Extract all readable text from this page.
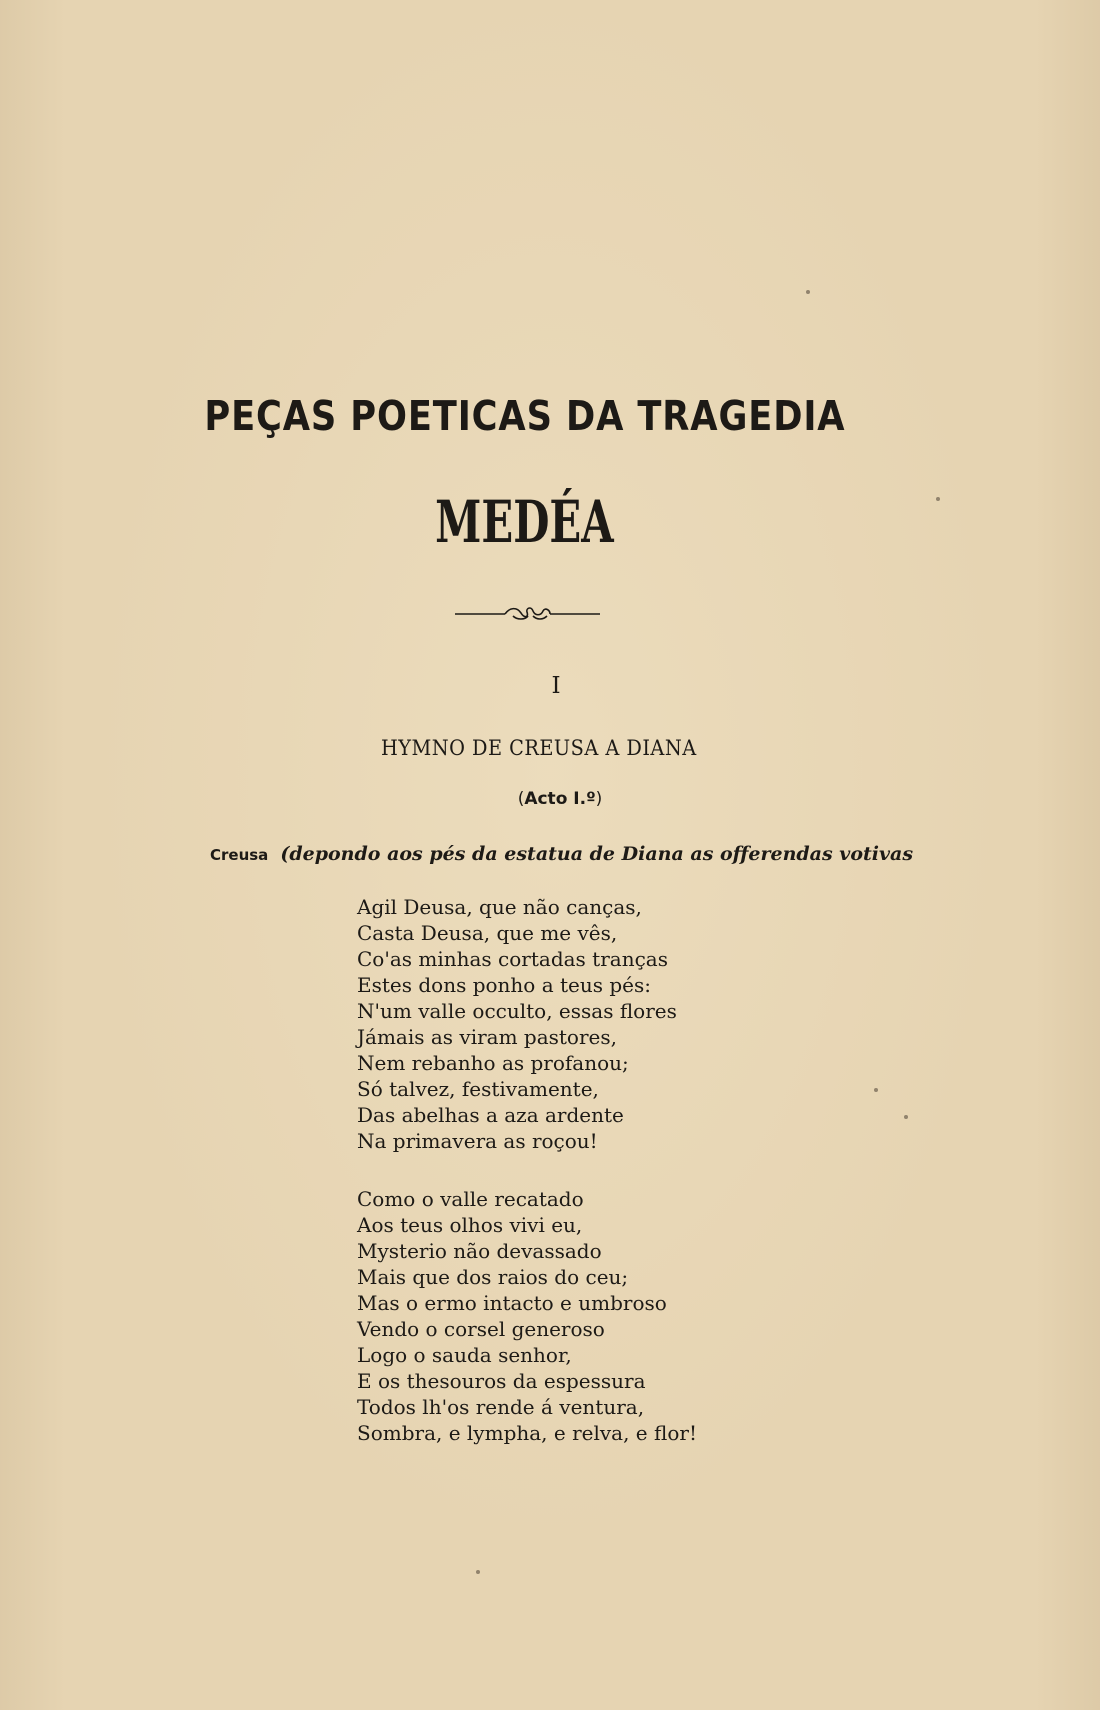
PEÇAS POETICAS DA TRAGEDIA
MEDÉA
I
HYMNO DE CREUSA A DIANA
(Acto I.º)
Creusa (depondo aos pés da estatua de Diana as offerendas votivas
Agil Deusa, que não canças,
Casta Deusa, que me vês,
Co'as minhas cortadas tranças
Estes dons ponho a teus pés:
N'um valle occulto, essas flores
Jámais as viram pastores,
Nem rebanho as profanou;
Só talvez, festivamente,
Das abelhas a aza ardente
Na primavera as roçou!
Como o valle recatado
Aos teus olhos vivi eu,
Mysterio não devassado
Mais que dos raios do ceu;
Mas o ermo intacto e umbroso
Vendo o corsel generoso
Logo o sauda senhor,
E os thesouros da espessura
Todos lh'os rende á ventura,
Sombra, e lympha, e relva, e flor!
